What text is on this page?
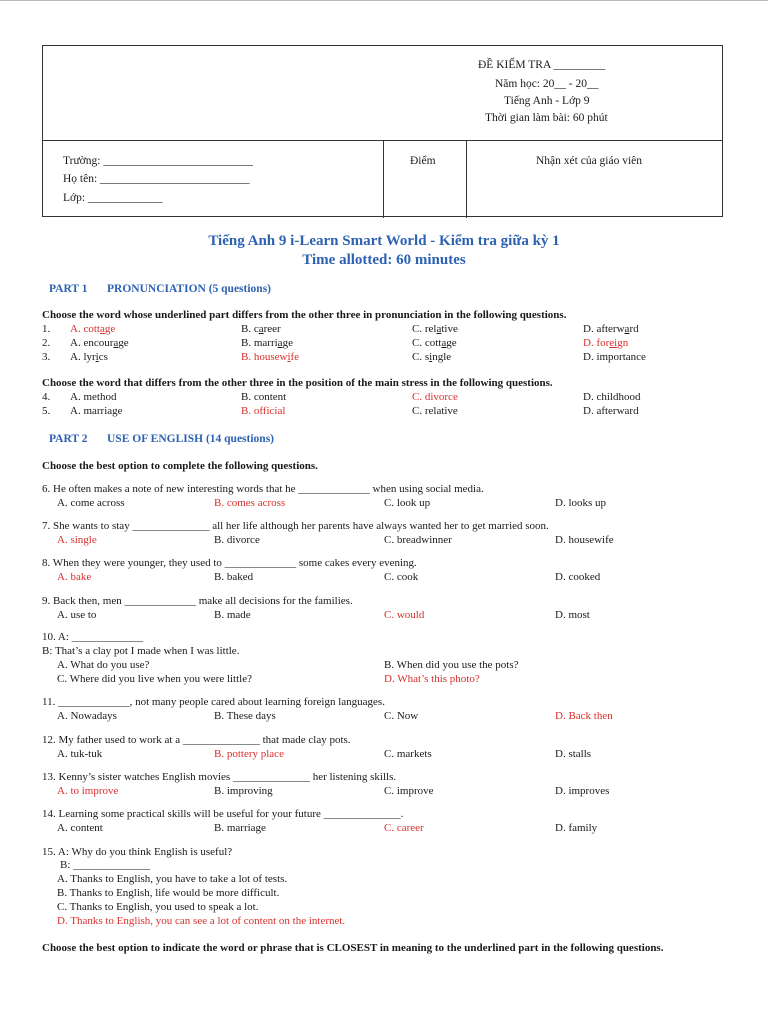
ĐỀ KIỂM TRA _________
Năm học: 20__ - 20__
Tiếng Anh - Lớp 9
Thời gian làm bài: 60 phút
Trường: __________________________
Họ tên: __________________________
Lớp: _____________
Điểm	Nhận xét của giáo viên
Tiếng Anh 9 i-Learn Smart World - Kiểm tra giữa kỳ 1
Time allotted: 60 minutes
PART 1 PRONUNCIATION (5 questions)
Choose the word whose underlined part differs from the other three in pronunciation in the following questions.
1. A. cottage	B. career	C. relative	D. afterward
2. A. encourage	B. marriage	C. cottage	D. foreign
3. A. lyrics	B. housewife	C. single	D. importance
Choose the word that differs from the other three in the position of the main stress in the following questions.
4. A. method	B. content	C. divorce	D. childhood
5. A. marriage	B. official	C. relative	D. afterward
PART 2 USE OF ENGLISH (14 questions)
Choose the best option to complete the following questions.
6. He often makes a note of new interesting words that he _____________ when using social media.
A. come across	B. comes across	C. look up	D. looks up
7. She wants to stay ______________ all her life although her parents have always wanted her to get married soon.
A. single	B. divorce	C. breadwinner	D. housewife
8. When they were younger, they used to _____________ some cakes every evening.
A. bake	B. baked	C. cook	D. cooked
9. Back then, men _____________ make all decisions for the families.
A. use to	B. made	C. would	D. most
10. A: _____________
B: That’s a clay pot I made when I was little.
A. What do you use?	B. When did you use the pots?
C. Where did you live when you were little?	D. What’s this photo?
11. _____________, not many people cared about learning foreign languages.
A. Nowadays	B. These days	C. Now	D. Back then
12. My father used to work at a ______________ that made clay pots.
A. tuk-tuk	B. pottery place	C. markets	D. stalls
13. Kenny’s sister watches English movies ______________ her listening skills.
A. to improve	B. improving	C. improve	D. improves
14. Learning some practical skills will be useful for your future ______________.
A. content	B. marriage	C. career	D. family
15. A: Why do you think English is useful?
B: ______________
A. Thanks to English, you have to take a lot of tests.
B. Thanks to English, life would be more difficult.
C. Thanks to English, you used to speak a lot.
D. Thanks to English, you can see a lot of content on the internet.
Choose the best option to indicate the word or phrase that is CLOSEST in meaning to the underlined part in the following questions.
